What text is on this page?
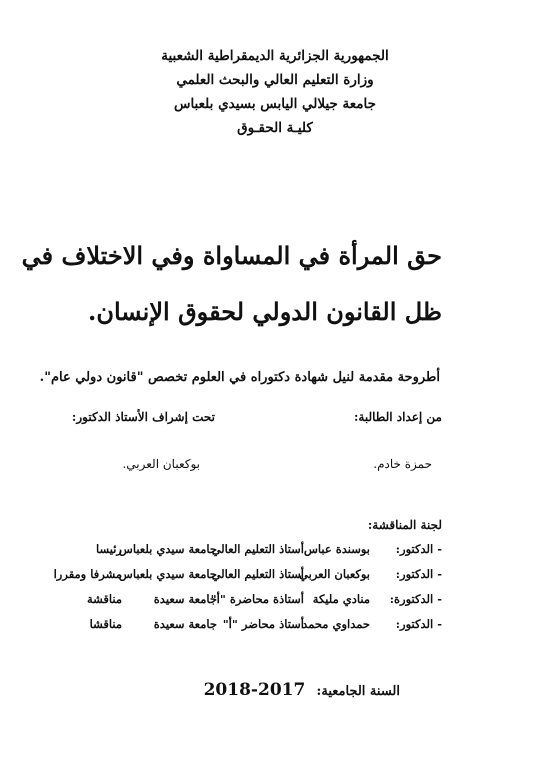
الجمهورية الجزائرية الديمقراطية الشعبية
وزارة التعليم العالي والبحث العلمي
جامعة جيلالي اليابس بسيدي بلعباس
كليـة الحقـوق
حق المرأة في المساواة وفي الاختلاف في
ظل القانون الدولي لحقوق الإنسان.
أطروحة مقدمة لنيل شهادة دكتوراه في العلوم تخصص "قانون دولي عام".
من إعداد الطالبة:
حمزة خادم.
تحت إشراف الأستاذ الدكتور:
بوكعبان العربي.
لجنة المناقشة:
- الدكتور:
بوسندة عباس
أستاذ التعليم العالي
جامعة سيدي بلعباس
رئيسا
- الدكتور:
بوكعبان العربي
أستاذ التعليم العالي
جامعة سيدي بلعباس
مشرفا ومقررا
- الدكتورة:
منادي مليكة
أستاذة محاضرة "أ"
جامعة سعيدة
مناقشة
- الدكتور:
حمداوي محمد
أستاذ محاضر "أ"
جامعة سعيدة
مناقشا
السنة الجامعية: 2017-2018
